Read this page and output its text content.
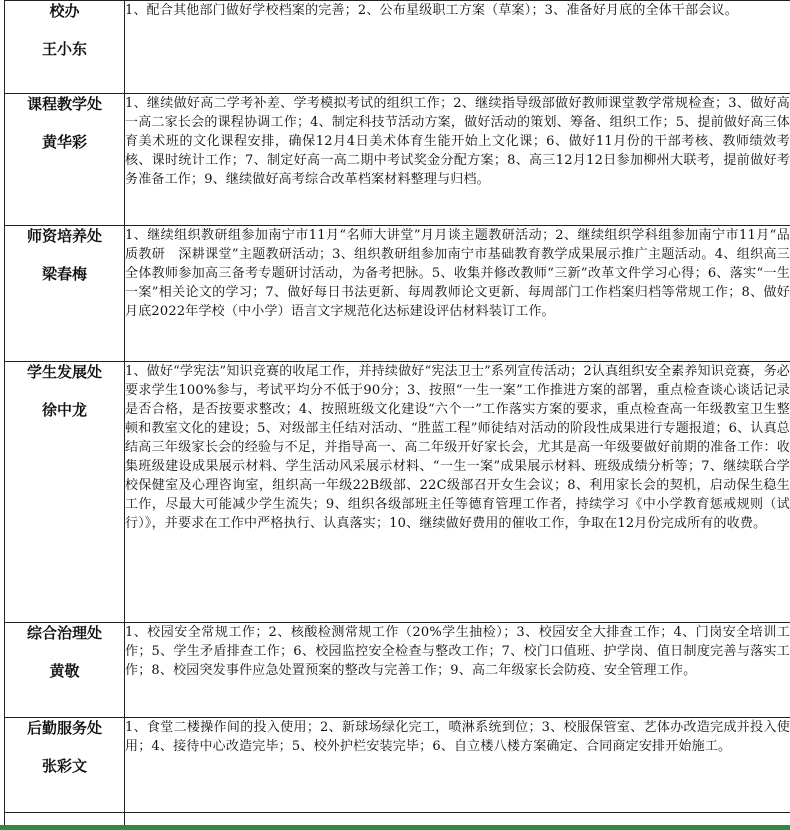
校办
王小东	1、配合其他部门做好学校档案的完善；2、公布星级职工方案（草案）；3、准备好月底的全体干部会议。

课程教学处
黄华彩	1、继续做好高二学考补差、学考模拟考试的组织工作；2、继续指导级部做好教师课堂教学常规检查；3、做好高一高二家长会的课程协调工作；4、制定科技节活动方案，做好活动的策划、筹备、组织工作；5、提前做好高三体育美术班的文化课程安排，确保12月4日美术体育生能开始上文化课；6、做好11月份的干部考核、教师绩效考核、课时统计工作；7、制定好高一高二期中考试奖金分配方案；8、高三12月12日参加柳州大联考，提前做好考务准备工作；9、继续做好高考综合改革档案材料整理与归档。

师资培养处
梁春梅	1、继续组织教研组参加南宁市11月“名师大讲堂”月月谈主题教研活动；2、继续组织学科组参加南宁市11月“品质教研　深耕课堂”主题教研活动；3、组织教研组参加南宁市基础教育教学成果展示推广主题活动。4、组织高三全体教师参加高三备考专题研讨活动，为备考把脉。5、收集并修改教师“三新”改革文件学习心得；6、落实“一生一案”相关论文的学习；7、做好每日书法更新、每周教师论文更新、每周部门工作档案归档等常规工作；8、做好月底2022年学校（中小学）语言文字规范化达标建设评估材料装订工作。

学生发展处
徐中龙	1、做好“学宪法”知识竞赛的收尾工作，并持续做好“宪法卫士”系列宣传活动；2认真组织安全素养知识竞赛，务必要求学生100%参与，考试平均分不低于90分；3、按照“一生一案”工作推进方案的部署，重点检查谈心谈话记录是否合格，是否按要求整改；4、按照班级文化建设“六个一”工作落实方案的要求，重点检查高一年级教室卫生整顿和教室文化的建设；5、对级部主任结对活动、“胜蓝工程”师徒结对活动的阶段性成果进行专题报道；6、认真总结高三年级家长会的经验与不足，并指导高一、高二年级开好家长会，尤其是高一年级要做好前期的准备工作：收集班级建设成果展示材料、学生活动风采展示材料、“一生一案”成果展示材料、班级成绩分析等；7、继续联合学校保健室及心理咨询室，组织高一年级22B级部、22C级部召开女生会议；8、利用家长会的契机，启动保生稳生工作，尽最大可能减少学生流失；9、组织各级部班主任等德育管理工作者，持续学习《中小学教育惩戒规则（试行）》，并要求在工作中严格执行、认真落实；10、继续做好费用的催收工作，争取在12月份完成所有的收费。

综合治理处
黄敬	1、校园安全常规工作；2、核酸检测常规工作（20%学生抽检）；3、校园安全大排查工作；4、门岗安全培训工作；5、学生矛盾排查工作；6、校园监控安全检查与整改工作；7、校门口值班、护学岗、值日制度完善与落实工作；8、校园突发事件应急处置预案的整改与完善工作；9、高二年级家长会防疫、安全管理工作。

后勤服务处
张彩文	1、食堂二楼操作间的投入使用；2、新球场绿化完工，喷淋系统到位；3、校服保管室、艺体办改造完成并投入使用；4、接待中心改造完毕；5、校外护栏安装完毕；6、自立楼八楼方案确定、合同商定安排开始施工。
